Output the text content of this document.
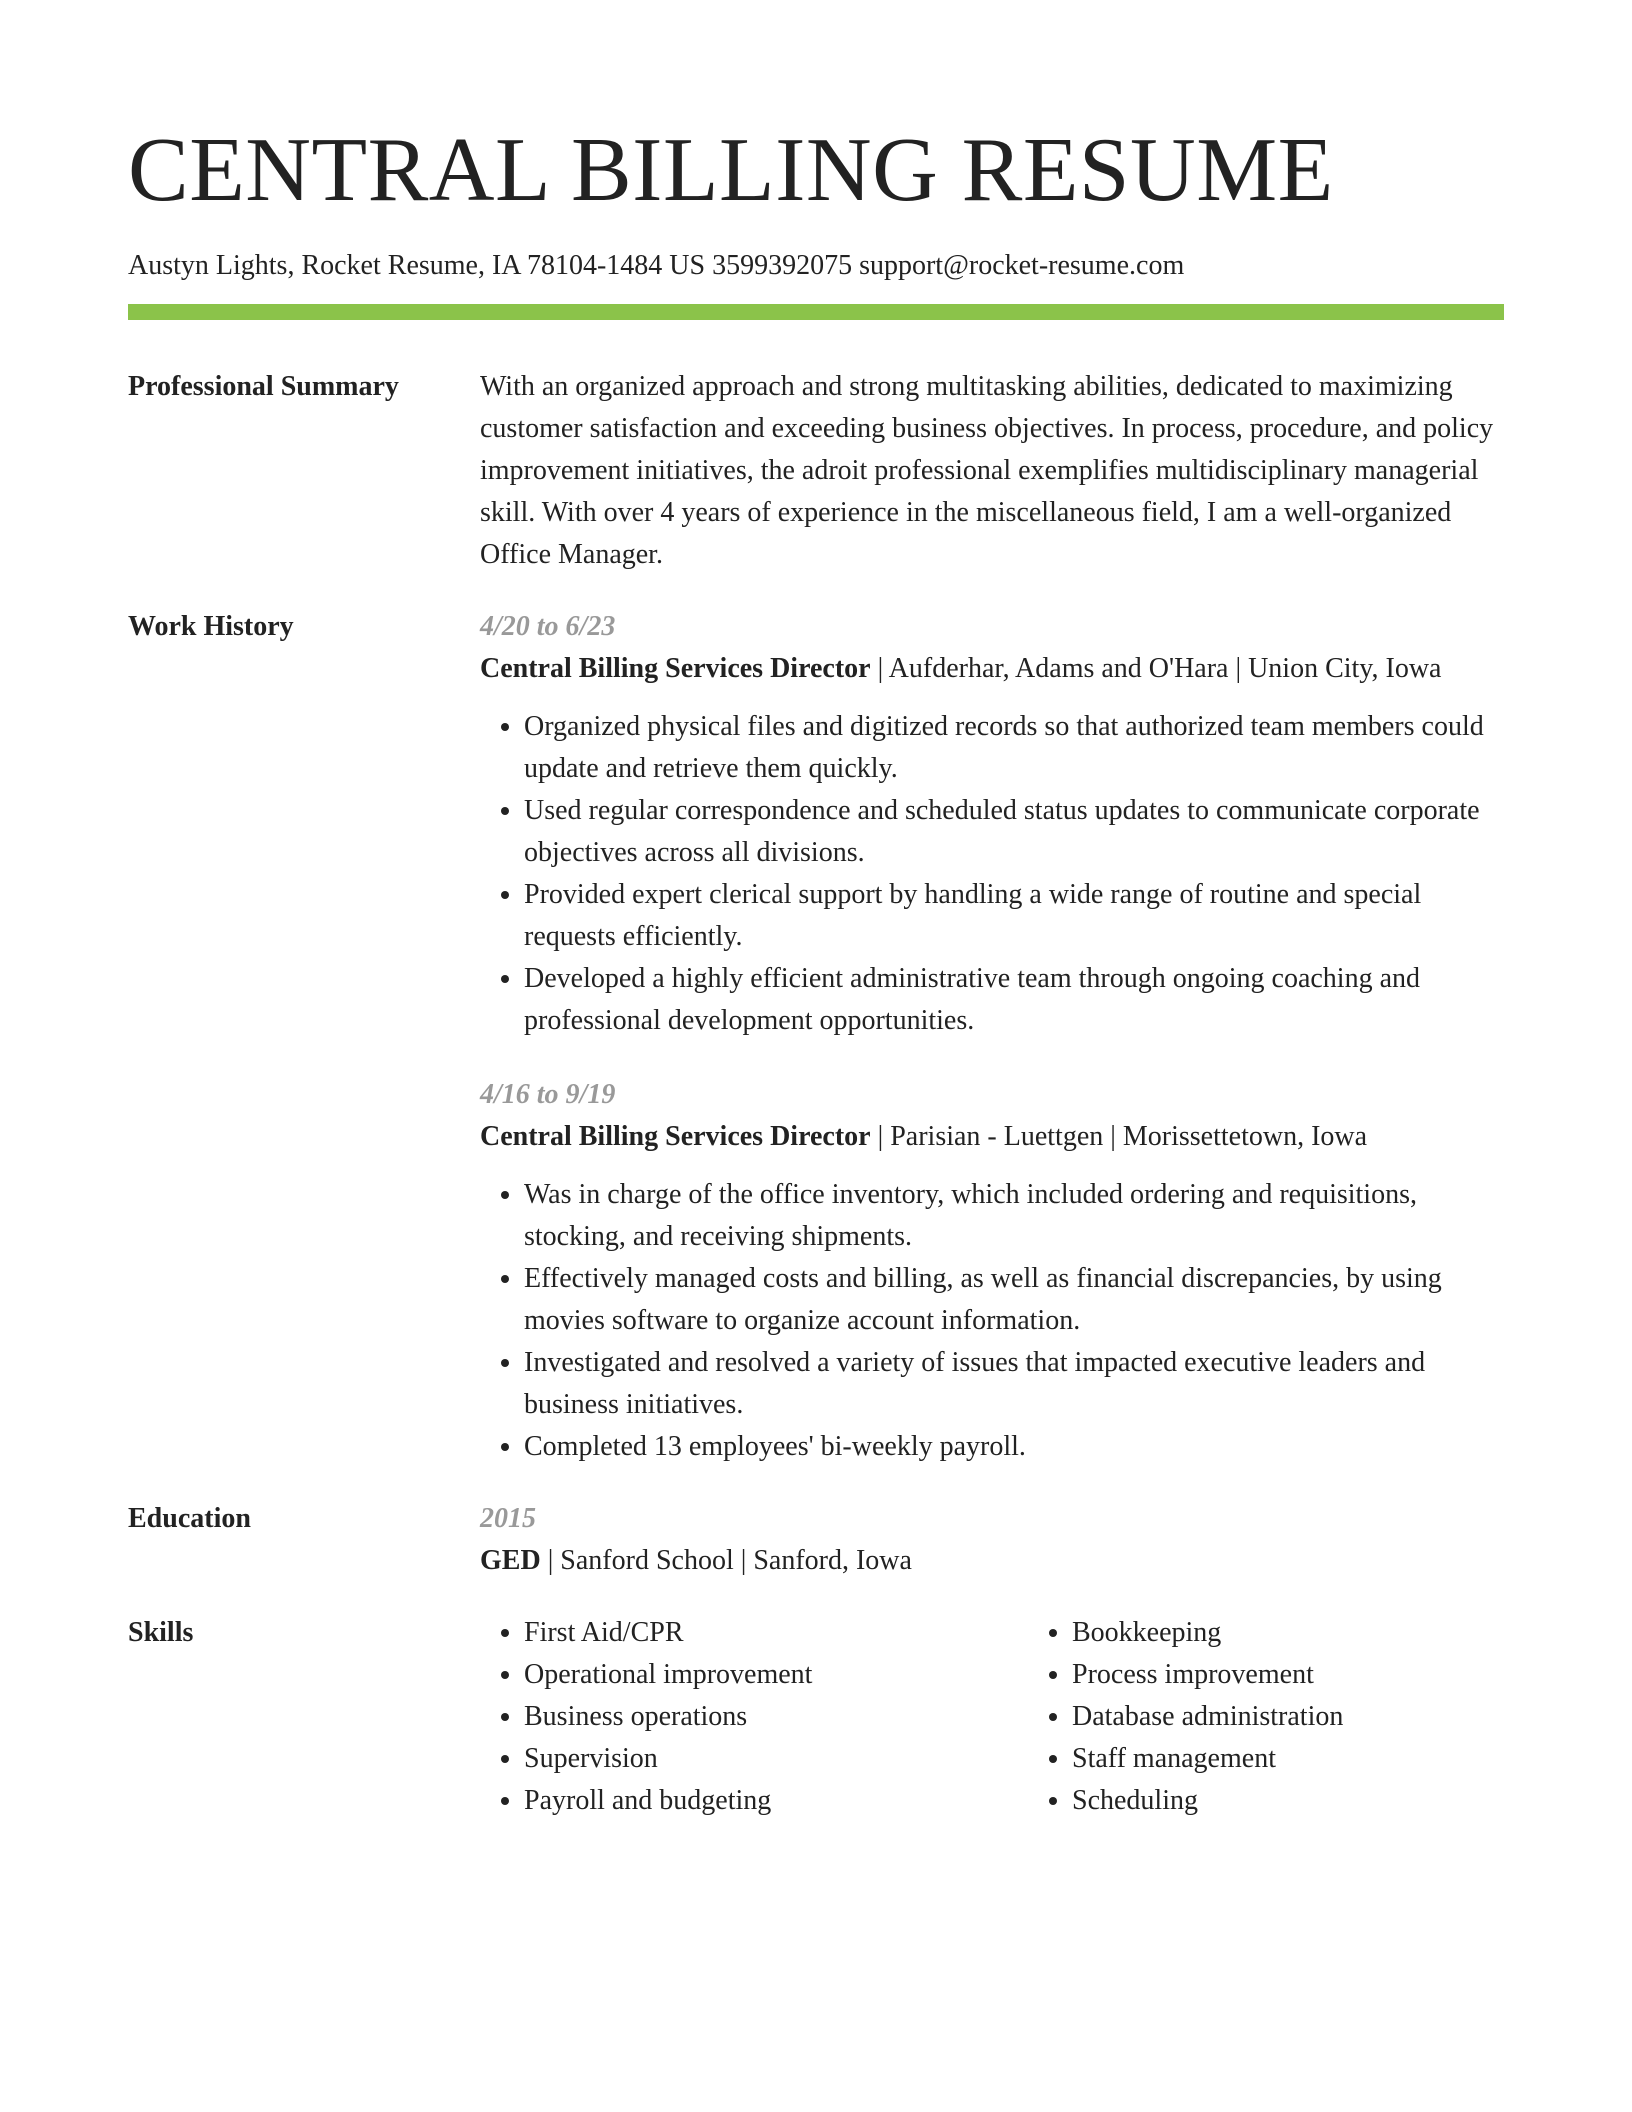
CENTRAL BILLING RESUME
Austyn Lights, Rocket Resume, IA 78104-1484 US 3599392075 support@rocket-resume.com
Professional Summary	With an organized approach and strong multitasking abilities, dedicated to maximizing customer satisfaction and exceeding business objectives. In process, procedure, and policy improvement initiatives, the adroit professional exemplifies multidisciplinary managerial skill. With over 4 years of experience in the miscellaneous field, I am a well-organized Office Manager.

Work History	4/20 to 6/23
Central Billing Services Director | Aufderhar, Adams and O'Hara | Union City, Iowa
• Organized physical files and digitized records so that authorized team members could update and retrieve them quickly.
• Used regular correspondence and scheduled status updates to communicate corporate objectives across all divisions.
• Provided expert clerical support by handling a wide range of routine and special requests efficiently.
• Developed a highly efficient administrative team through ongoing coaching and professional development opportunities.
4/16 to 9/19
Central Billing Services Director | Parisian - Luettgen | Morissettetown, Iowa
• Was in charge of the office inventory, which included ordering and requisitions, stocking, and receiving shipments.
• Effectively managed costs and billing, as well as financial discrepancies, by using movies software to organize account information.
• Investigated and resolved a variety of issues that impacted executive leaders and business initiatives.
• Completed 13 employees' bi-weekly payroll.
Education	2015
GED | Sanford School | Sanford, Iowa
Skills
•	First Aid/CPR
• Operational improvement
• Business operations
• Supervision
• Payroll and budgeting
• Bookkeeping
• Process improvement
• Database administration
• Staff management
• Scheduling
